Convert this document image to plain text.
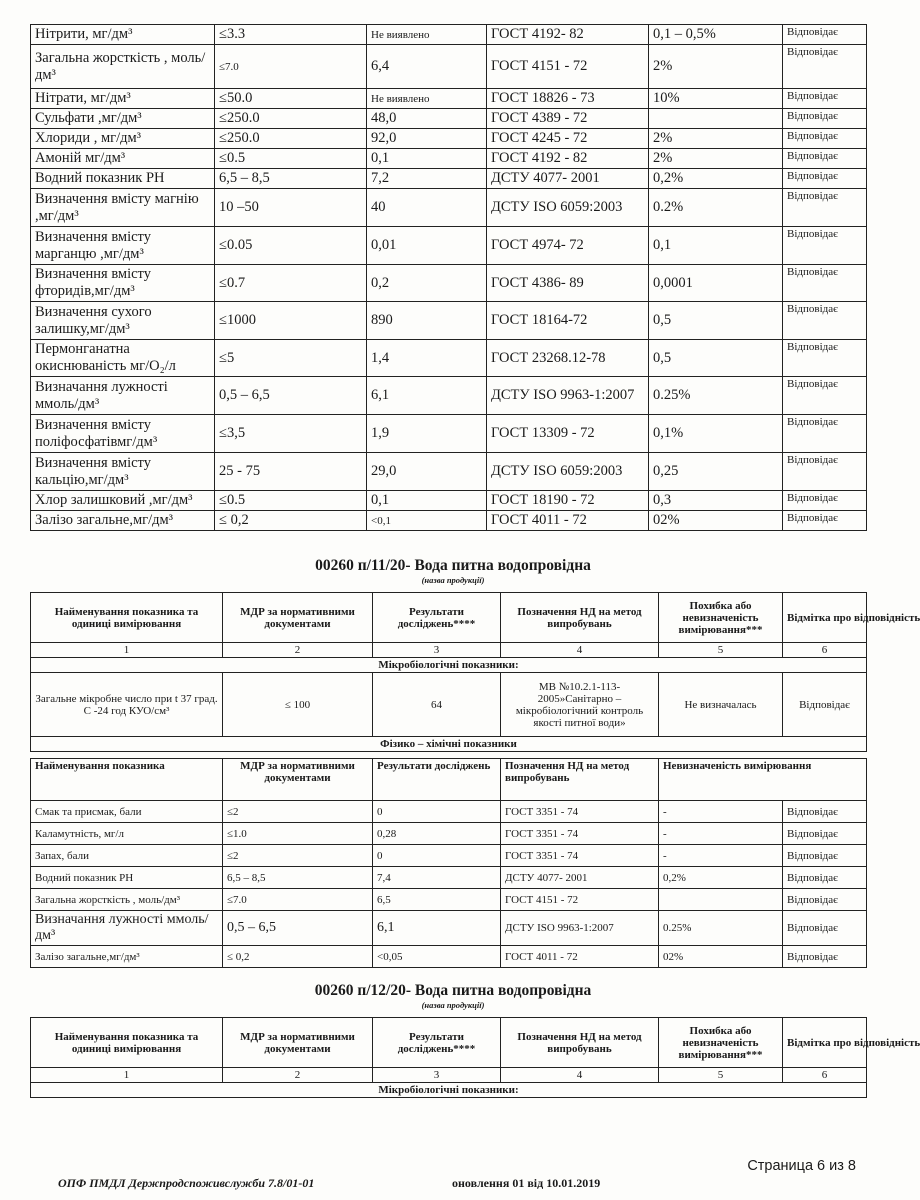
Нітрити, мг/дм³	≤3.3	Не виявлено	ГОСТ 4192- 82	0,1 – 0,5%	Відповідає
Загальна жорсткість , моль/дм³	≤7.0	6,4	ГОСТ 4151 - 72	2%	Відповідає
Нітрати, мг/дм³	≤50.0	Не виявлено	ГОСТ 18826 - 73	10%	Відповідає
Сульфати ,мг/дм³	≤250.0	48,0	ГОСТ 4389 - 72		Відповідає
Хлориди , мг/дм³	≤250.0	92,0	ГОСТ 4245 - 72	2%	Відповідає
Амоній мг/дм³	≤0.5	0,1	ГОСТ 4192 - 82	2%	Відповідає
Водний показник РН	6,5 – 8,5	7,2	ДСТУ 4077- 2001	0,2%	Відповідає
Визначення вмісту магнію ,мг/дм³	10 –50	40	ДСТУ ISO 6059:2003	0.2%	Відповідає
Визначення вмісту марганцю ,мг/дм³	≤0.05	0,01	ГОСТ 4974- 72	0,1	Відповідає
Визначення вмісту фторидів,мг/дм³	≤0.7	0,2	ГОСТ 4386- 89	0,0001	Відповідає
Визначення сухого залишку,мг/дм³	≤1000	890	ГОСТ 18164-72	0,5	Відповідає
Пермонганатна окиснюваність мг/О₂/л	≤5	1,4	ГОСТ 23268.12-78	0,5	Відповідає
Визначання лужності ммоль/дм³	0,5 – 6,5	6,1	ДСТУ ISO 9963-1:2007	0.25%	Відповідає
Визначення вмісту поліфосфатівмг/дм³	≤3,5	1,9	ГОСТ 13309 - 72	0,1%	Відповідає
Визначення вмісту кальцію,мг/дм³	25 - 75	29,0	ДСТУ ISO 6059:2003	0,25	Відповідає
Хлор залишковий ,мг/дм³	≤0.5	0,1	ГОСТ 18190 - 72	0,3	Відповідає
Залізо загальне,мг/дм³	≤ 0,2	<0,1	ГОСТ 4011 - 72	02%	Відповідає
00260 п/11/20- Вода питна водопровідна
(назва продукції)
Найменування показника та одиниці вимірювання	МДР за нормативними документами	Результати досліджень****	Позначення НД на метод випробувань	Похибка або невизначеність вимірювання***	Відмітка про відповідність
1	2	3	4	5	6
Мікробіологічні показники:					
Загальне мікробне число при t 37 град. С -24 год КУО/см³	≤ 100	64	МВ №10.2.1-113-2005»Санітарно – мікробіологічний контроль якості питної води»	Не визначалась	Відповідає
Фізико – хімічні показники					
Найменування показника	МДР за нормативними документами	Результати досліджень	Позначення НД на метод випробувань	Невизначеність вимірювання	
Смак та присмак, бали	≤2	0	ГОСТ 3351 - 74	-	Відповідає
Каламутність, мг/л	≤1.0	0,28	ГОСТ 3351 - 74	-	Відповідає
Запах, бали	≤2	0	ГОСТ 3351 - 74	-	Відповідає
Водний показник РН	6,5 – 8,5	7,4	ДСТУ 4077- 2001	0,2%	Відповідає
Загальна жорсткість , моль/дм³	≤7.0	6,5	ГОСТ 4151 - 72		Відповідає
Визначання лужності ммоль/дм³	0,5 – 6,5	6,1	ДСТУ ISO 9963-1:2007	0.25%	Відповідає
Залізо загальне,мг/дм³	≤ 0,2	<0,05	ГОСТ 4011 - 72	02%	Відповідає
00260 п/12/20- Вода питна водопровідна
(назва продукції)
Найменування показника та одиниці вимірювання	МДР за нормативними документами	Результати досліджень****	Позначення НД на метод випробувань	Похибка або невизначеність вимірювання***	Відмітка про відповідність
1	2	3	4	5	6
Мікробіологічні показники:					
Страница 6 из 8
ОПФ ПМДЛ Держпродспоживслужби 7.8/01-01	оновлення 01 від 10.01.2019
